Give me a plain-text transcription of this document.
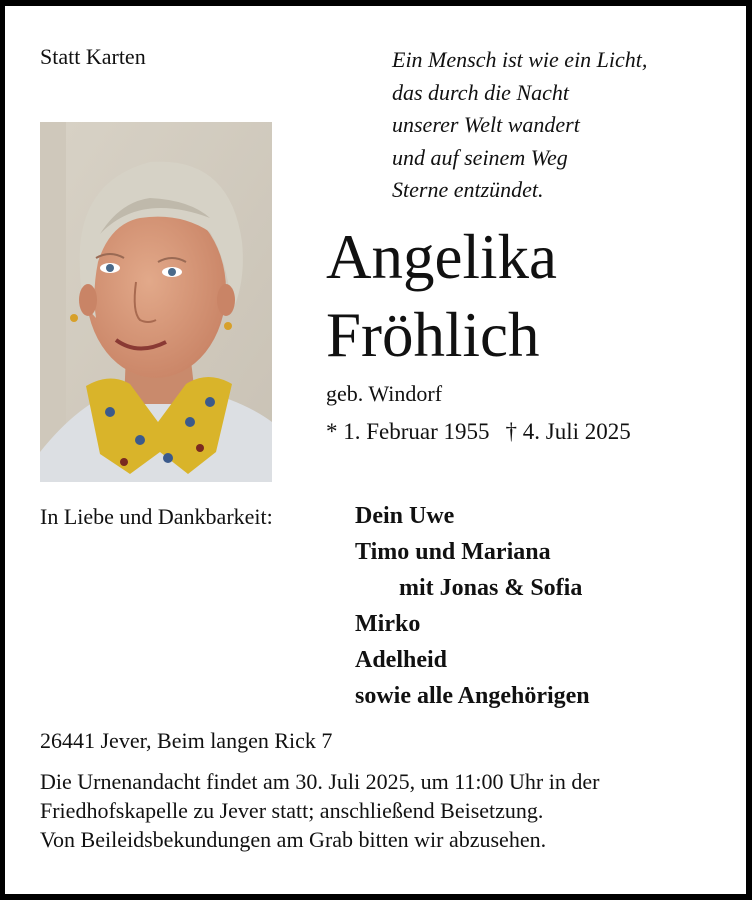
Statt Karten	Ein Mensch ist wie ein Licht,
das durch die Nacht
unserer Welt wandert
und auf seinem Weg
Sterne entzündet.
Angelika
Fröhlich
geb. Windorf
* 1. Februar 1955 † 4. Juli 2025
In Liebe und Dankbarkeit:	Dein Uwe
Timo und Mariana
mit Jonas & Sofia
Mirko
Adelheid
sowie alle Angehörigen
26441 Jever, Beim langen Rick 7
Die Urnenandacht findet am 30. Juli 2025, um 11:00 Uhr in der
Friedhofskapelle zu Jever statt; anschließend Beisetzung.
Von Beileidsbekundungen am Grab bitten wir abzusehen.
